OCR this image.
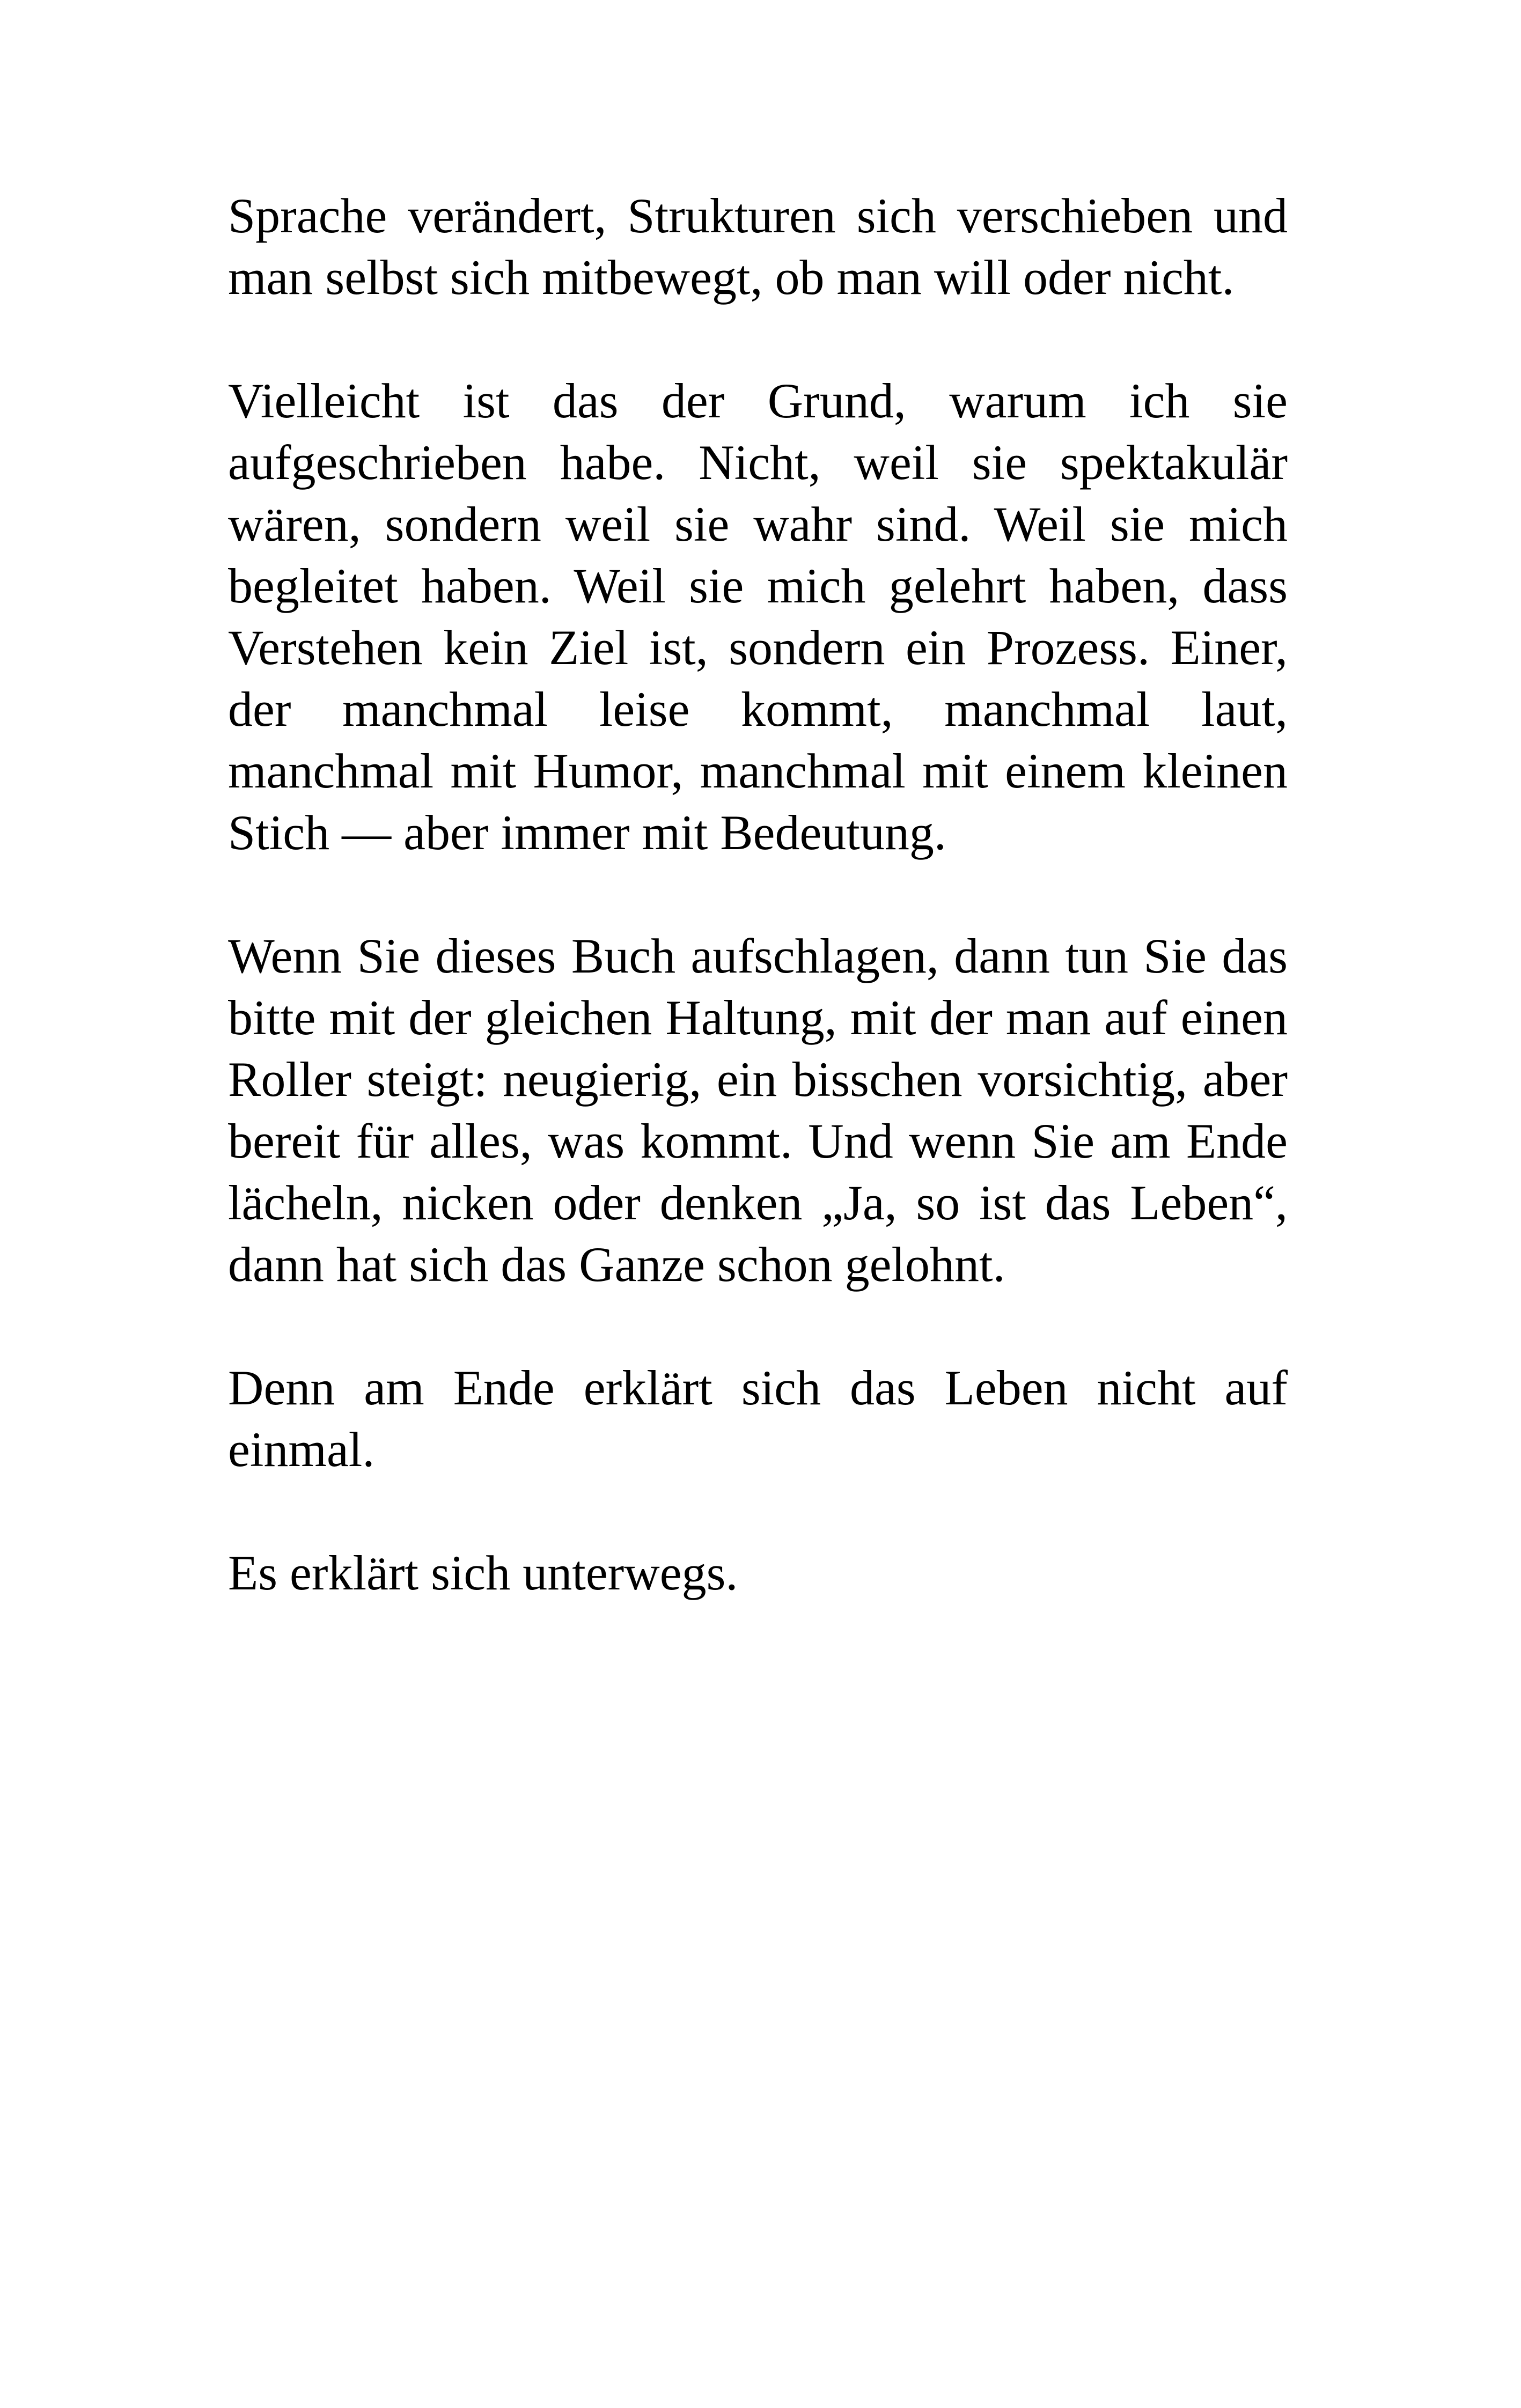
Sprache verändert, Strukturen sich verschieben und man selbst sich mitbewegt, ob man will oder nicht.

Vielleicht ist das der Grund, warum ich sie aufgeschrieben habe. Nicht, weil sie spektakulär wären, sondern weil sie wahr sind. Weil sie mich begleitet haben. Weil sie mich gelehrt haben, dass Verstehen kein Ziel ist, sondern ein Prozess. Einer, der manchmal leise kommt, manchmal laut, manchmal mit Humor, manchmal mit einem kleinen Stich — aber immer mit Bedeutung.

Wenn Sie dieses Buch aufschlagen, dann tun Sie das bitte mit der gleichen Haltung, mit der man auf einen Roller steigt: neugierig, ein bisschen vorsichtig, aber bereit für alles, was kommt. Und wenn Sie am Ende lächeln, nicken oder denken „Ja, so ist das Leben“, dann hat sich das Ganze schon gelohnt.

Denn am Ende erklärt sich das Leben nicht auf einmal.

Es erklärt sich unterwegs.
